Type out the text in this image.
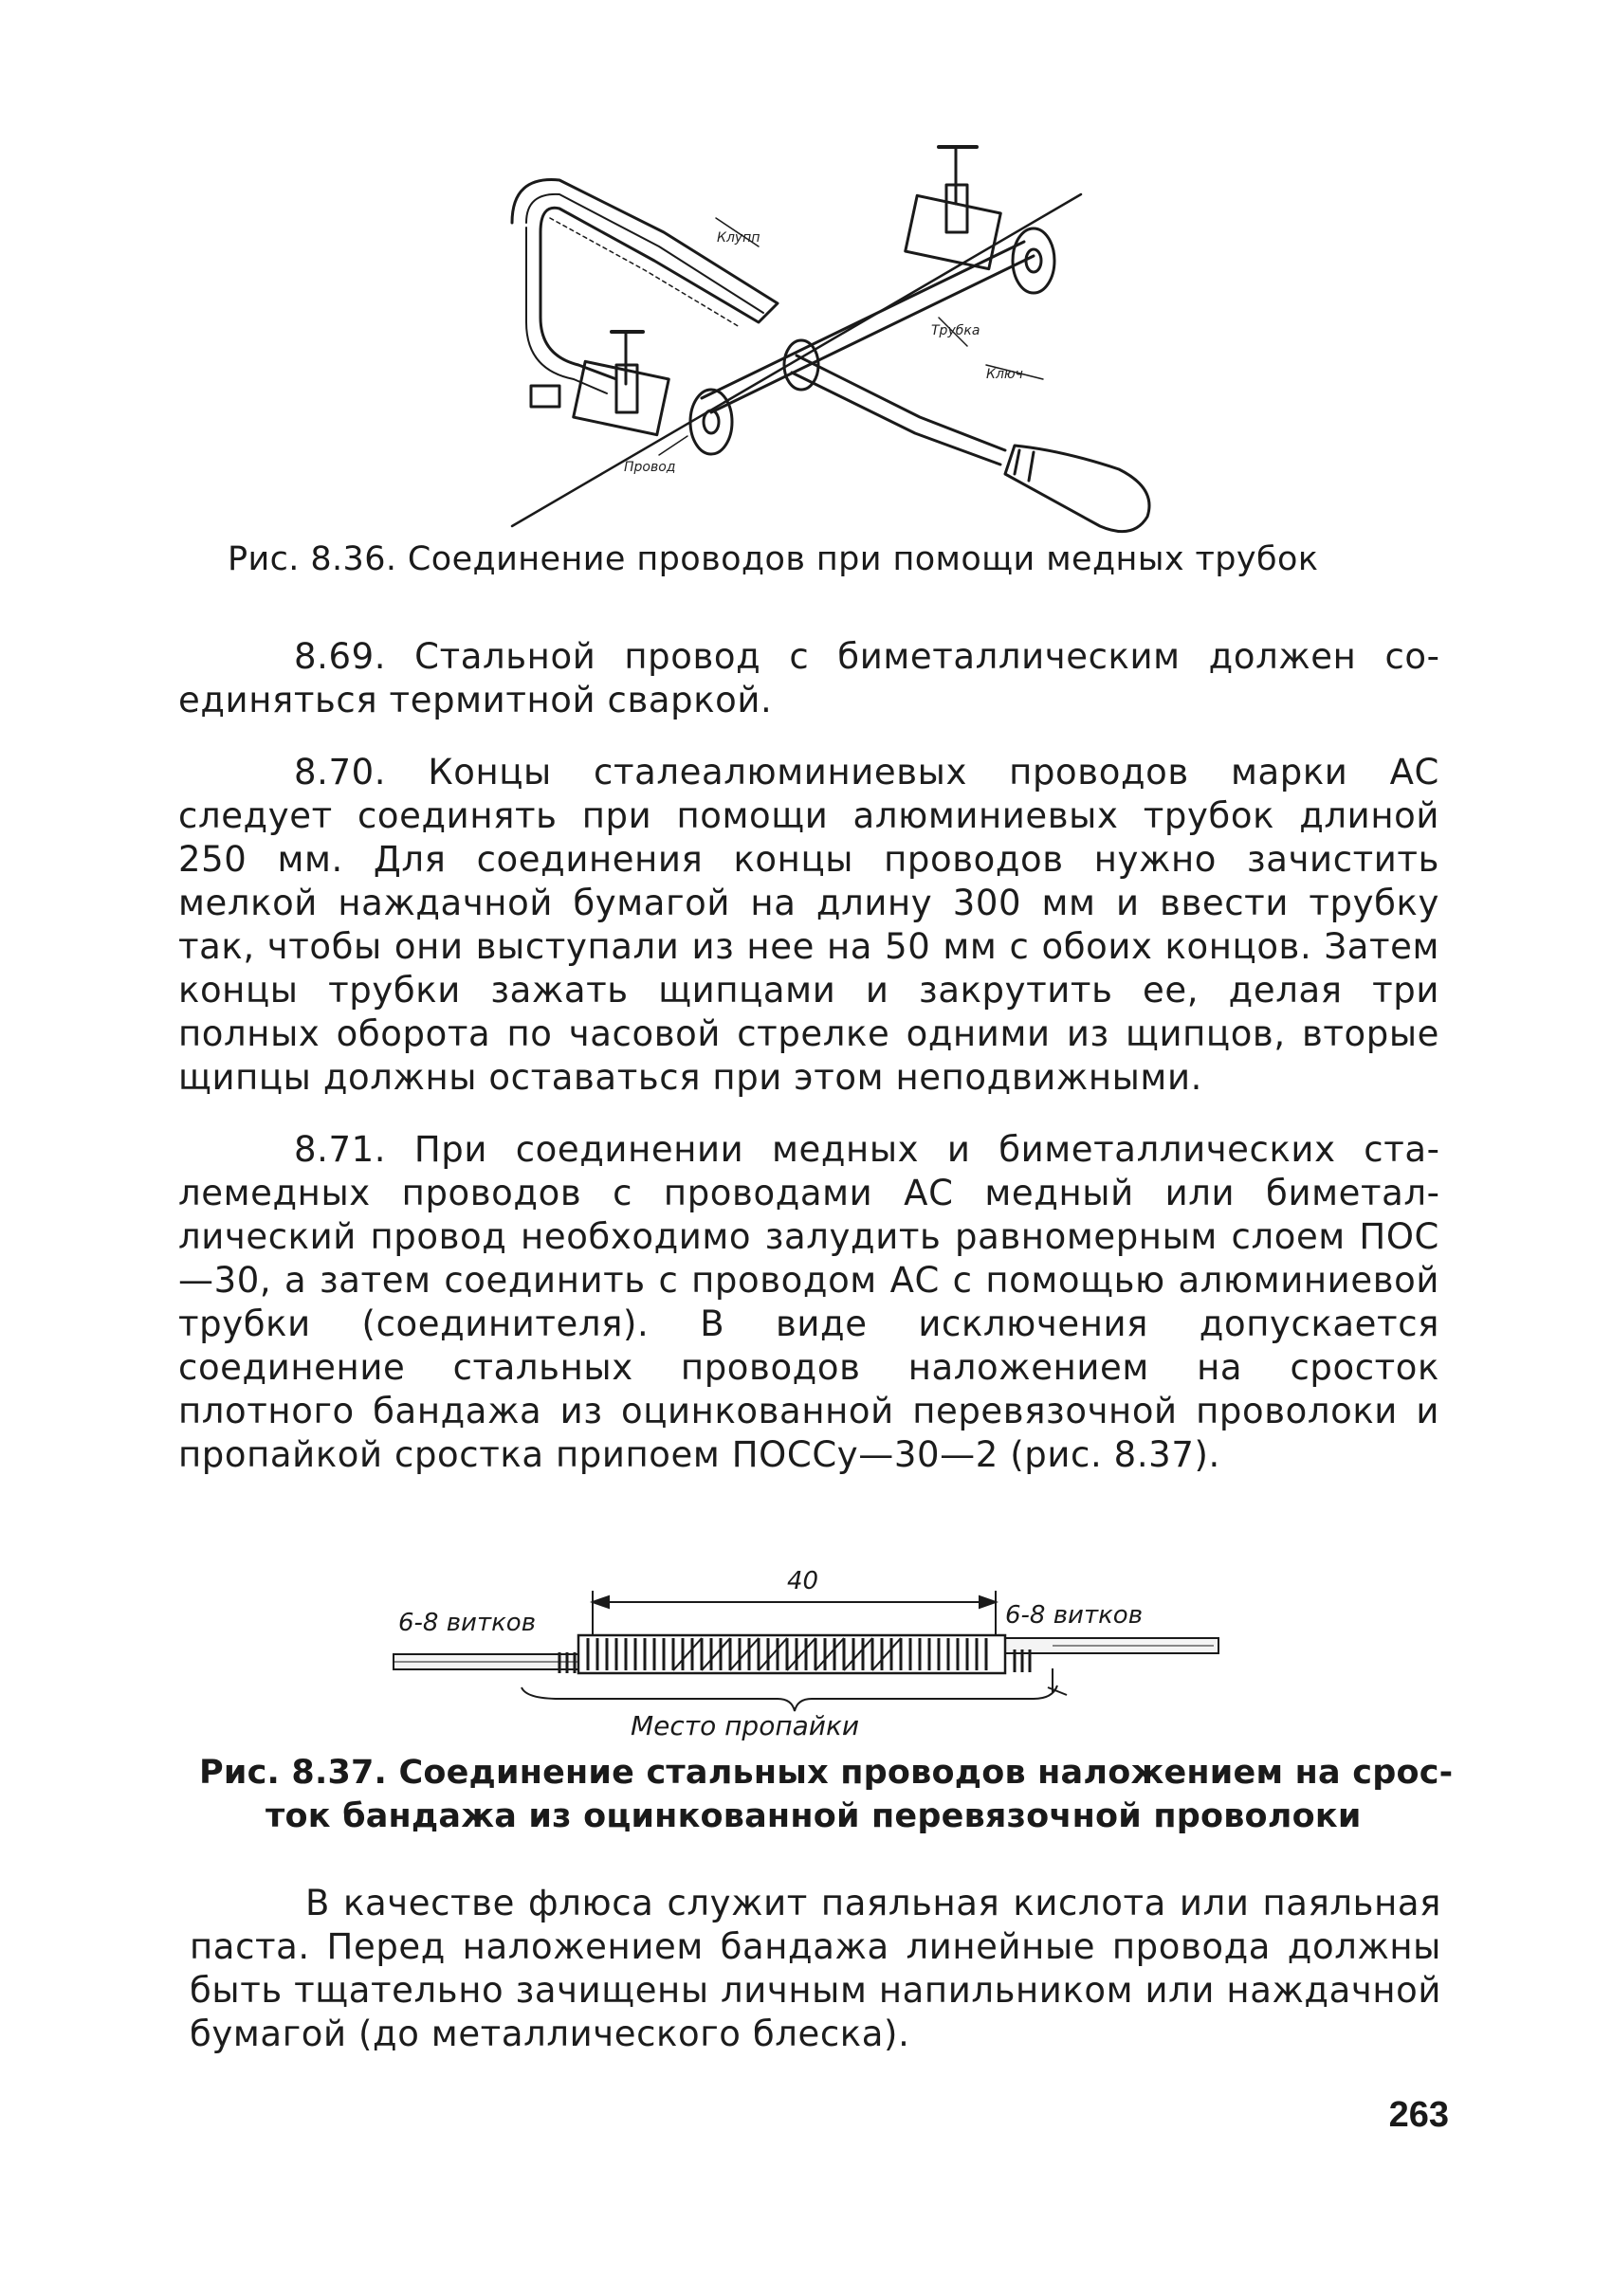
Клупп
Трубка
Ключ
Провод
Рис. 8.36. Соединение проводов при помощи медных трубок
8.69. Стальной провод с биметаллическим должен соединяться термитной сваркой.
8.70. Концы сталеалюминиевых проводов марки АС следует соединять при помощи алюминиевых трубок длиной 250 мм. Для соединения концы проводов нужно зачистить мелкой наждачной бумагой на длину 300 мм и ввести трубку так, чтобы они выступали из нее на 50 мм с обоих концов. Затем концы трубки зажать щипцами и закрутить ее, делая три полных оборота по часовой стрелке одними из щипцов, вторые щипцы должны оставаться при этом неподвижными.
8.71. При соединении медных и биметаллических сталемедных проводов с проводами АС медный или биметаллический провод необходимо залудить равномерным слоем ПОС—30, а затем соединить с проводом АС с помощью алюминиевой трубки (соединителя). В виде исключения допускается соединение стальных проводов наложением на сросток плотного бандажа из оцинкованной перевязочной проволоки и пропайкой сростка припоем ПОССу—30—2 (рис. 8.37).
40
6-8 витков	6-8 витков
Место пропайки
Рис. 8.37. Соединение стальных проводов наложением на срос-
ток бандажа из оцинкованной перевязочной проволоки
В качестве флюса служит паяльная кислота или паяльная паста. Перед наложением бандажа линейные провода должны быть тщательно зачищены личным напильником или наждачной бумагой (до металлического блеска).
263
